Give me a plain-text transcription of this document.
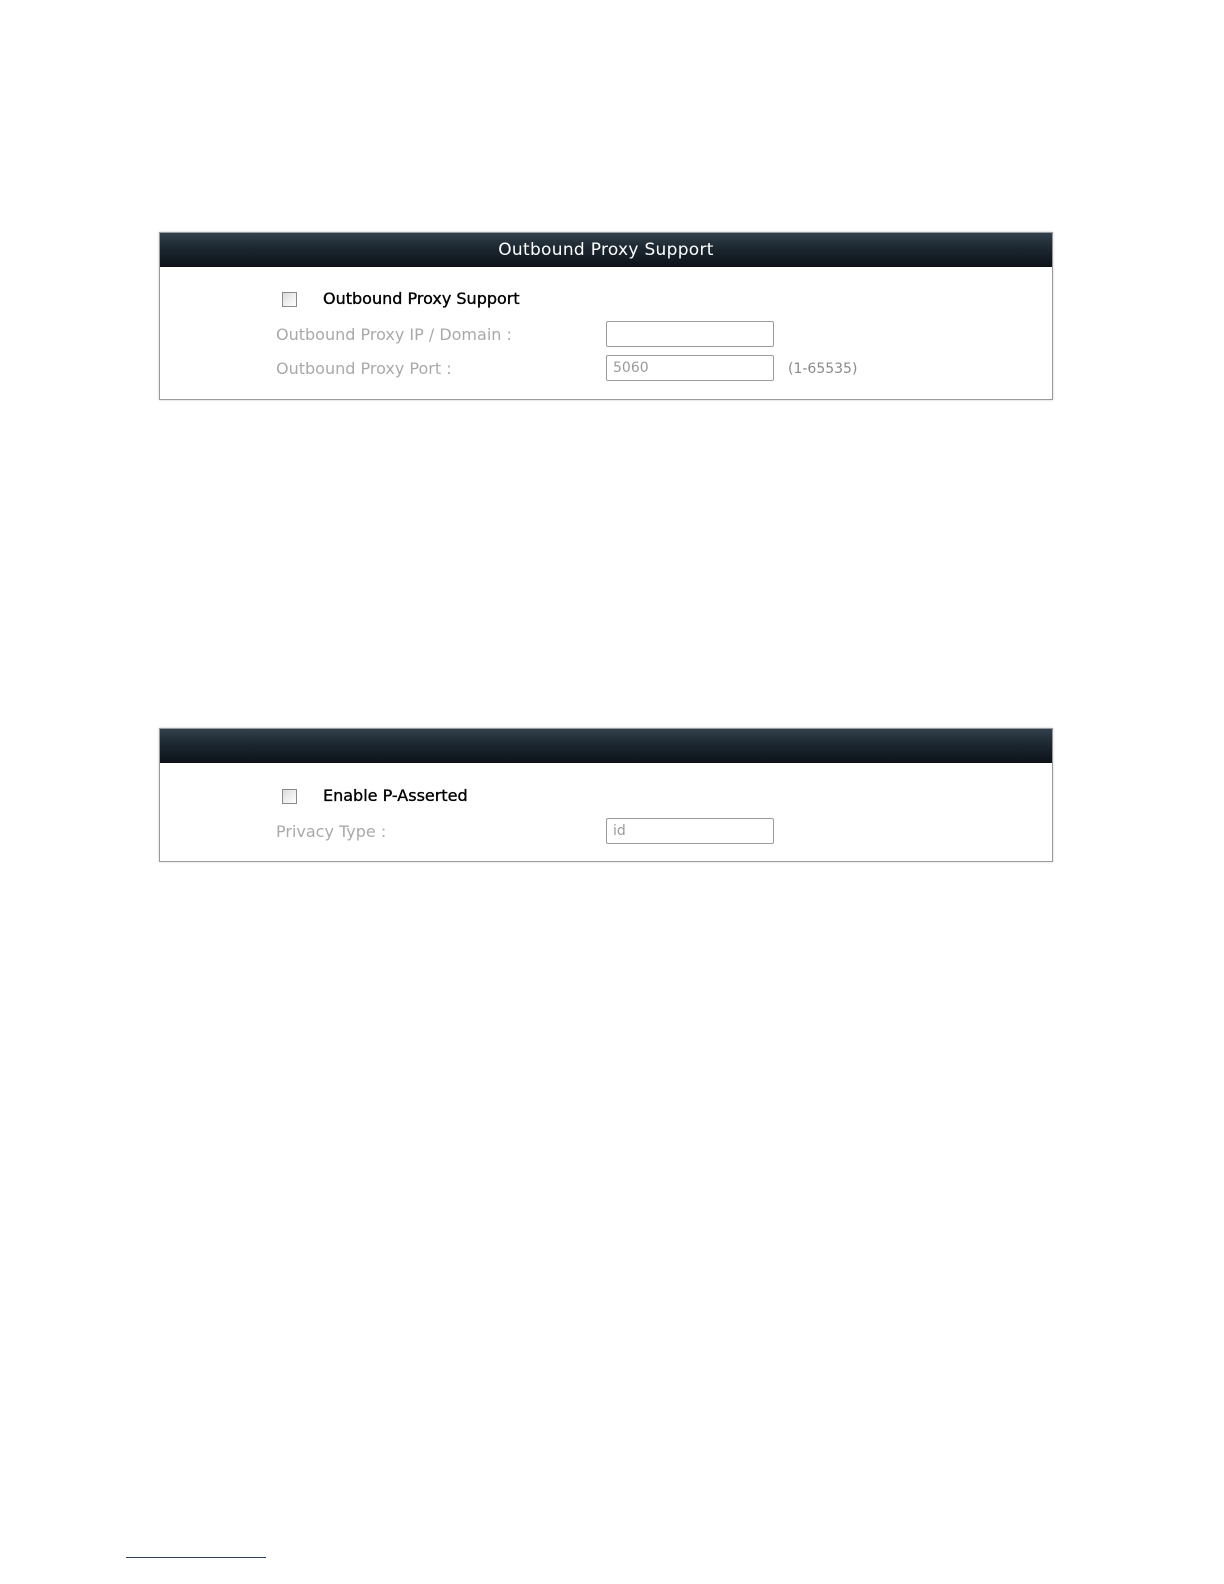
Outbound Proxy Support
Outbound Proxy Support
Outbound Proxy IP / Domain :
Outbound Proxy Port :
5060	(1-65535)
Enable P-Asserted
Privacy Type :
id
